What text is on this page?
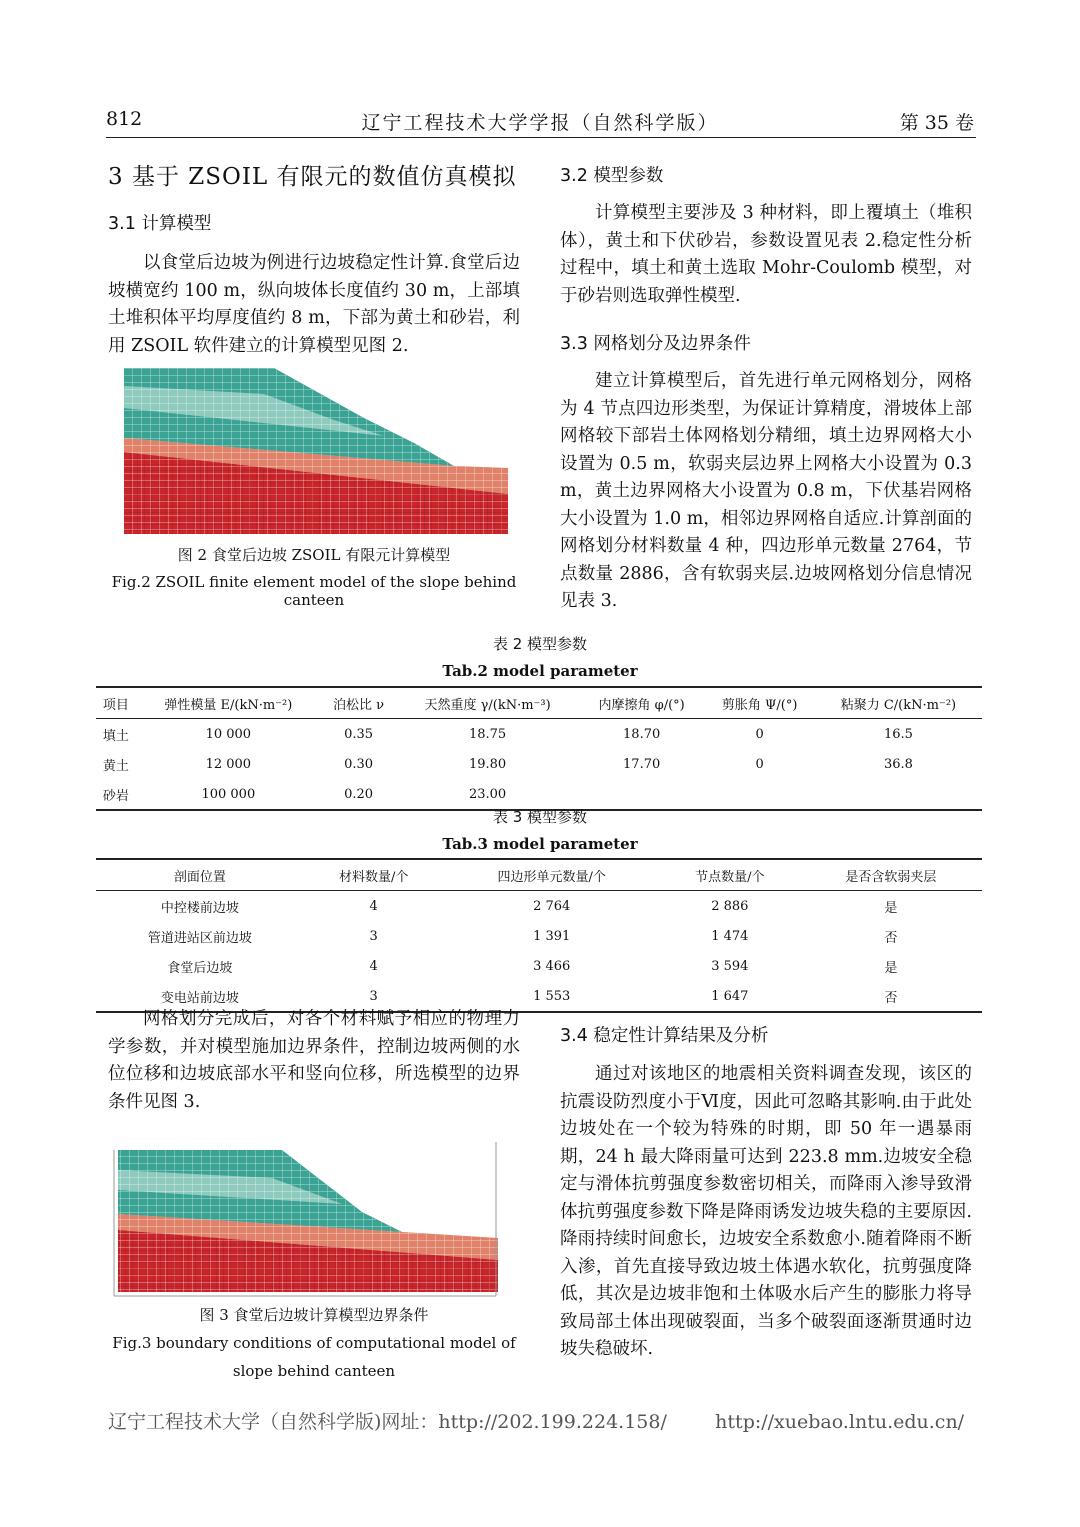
812	辽宁工程技术大学学报（自然科学版）	第 35 卷
3 基于 ZSOIL 有限元的数值仿真模拟
3.1 计算模型

以食堂后边坡为例进行边坡稳定性计算.食堂后边坡横宽约 100 m，纵向坡体长度值约 30 m，上部填土堆积体平均厚度值约 8 m，下部为黄土和砂岩，利用 ZSOIL 软件建立的计算模型见图 2.

图 2 食堂后边坡 ZSOIL 有限元计算模型
Fig.2 ZSOIL finite element model of the slope behind canteen
3.2 模型参数

计算模型主要涉及 3 种材料，即上覆填土（堆积体），黄土和下伏砂岩，参数设置见表 2.稳定性分析过程中，填土和黄土选取 Mohr-Coulomb 模型，对于砂岩则选取弹性模型.

3.3 网格划分及边界条件

建立计算模型后，首先进行单元网格划分，网格为 4 节点四边形类型，为保证计算精度，滑坡体上部网格较下部岩土体网格划分精细，填土边界网格大小设置为 0.5 m，软弱夹层边界上网格大小设置为 0.3 m，黄土边界网格大小设置为 0.8 m，下伏基岩网格大小设置为 1.0 m，相邻边界网格自适应.计算剖面的网格划分材料数量 4 种，四边形单元数量 2764，节点数量 2886，含有软弱夹层.边坡网格划分信息情况见表 3.

表 2 模型参数
Tab.2 model parameter
项目	弹性模量 E/(kN·m⁻²)	泊松比 ν	天然重度 γ/(kN·m⁻³)	内摩擦角 φ/(°)	剪胀角 Ψ/(°)	粘聚力 C/(kN·m⁻²)
填土	10 000	0.35	18.75	18.70	0	16.5
黄土	12 000	0.30	19.80	17.70	0	36.8
砂岩	100 000	0.20	23.00			
表 3 模型参数
Tab.3 model parameter
剖面位置	材料数量/个	四边形单元数量/个	节点数量/个	是否含软弱夹层
中控楼前边坡	4	2 764	2 886	是
管道进站区前边坡	3	1 391	1 474	否
食堂后边坡	4	3 466	3 594	是
变电站前边坡	3	1 553	1 647	否

网格划分完成后，对各个材料赋予相应的物理力学参数，并对模型施加边界条件，控制边坡两侧的水位位移和边坡底部水平和竖向位移，所选模型的边界条件见图 3.

图 3 食堂后边坡计算模型边界条件
Fig.3 boundary conditions of computational model of
slope behind canteen
3.4 稳定性计算结果及分析

通过对该地区的地震相关资料调查发现，该区的抗震设防烈度小于Ⅵ度，因此可忽略其影响.由于此处边坡处在一个较为特殊的时期，即 50 年一遇暴雨期，24 h 最大降雨量可达到 223.8 mm.边坡安全稳定与滑体抗剪强度参数密切相关，而降雨入渗导致滑体抗剪强度参数下降是降雨诱发边坡失稳的主要原因.降雨持续时间愈长，边坡安全系数愈小.随着降雨不断入渗，首先直接导致边坡土体遇水软化，抗剪强度降低，其次是边坡非饱和土体吸水后产生的膨胀力将导致局部土体出现破裂面，当多个破裂面逐渐贯通时边坡失稳破坏.

辽宁工程技术大学（自然科学版)网址：http://202.199.224.158/        http://xuebao.lntu.edu.cn/
